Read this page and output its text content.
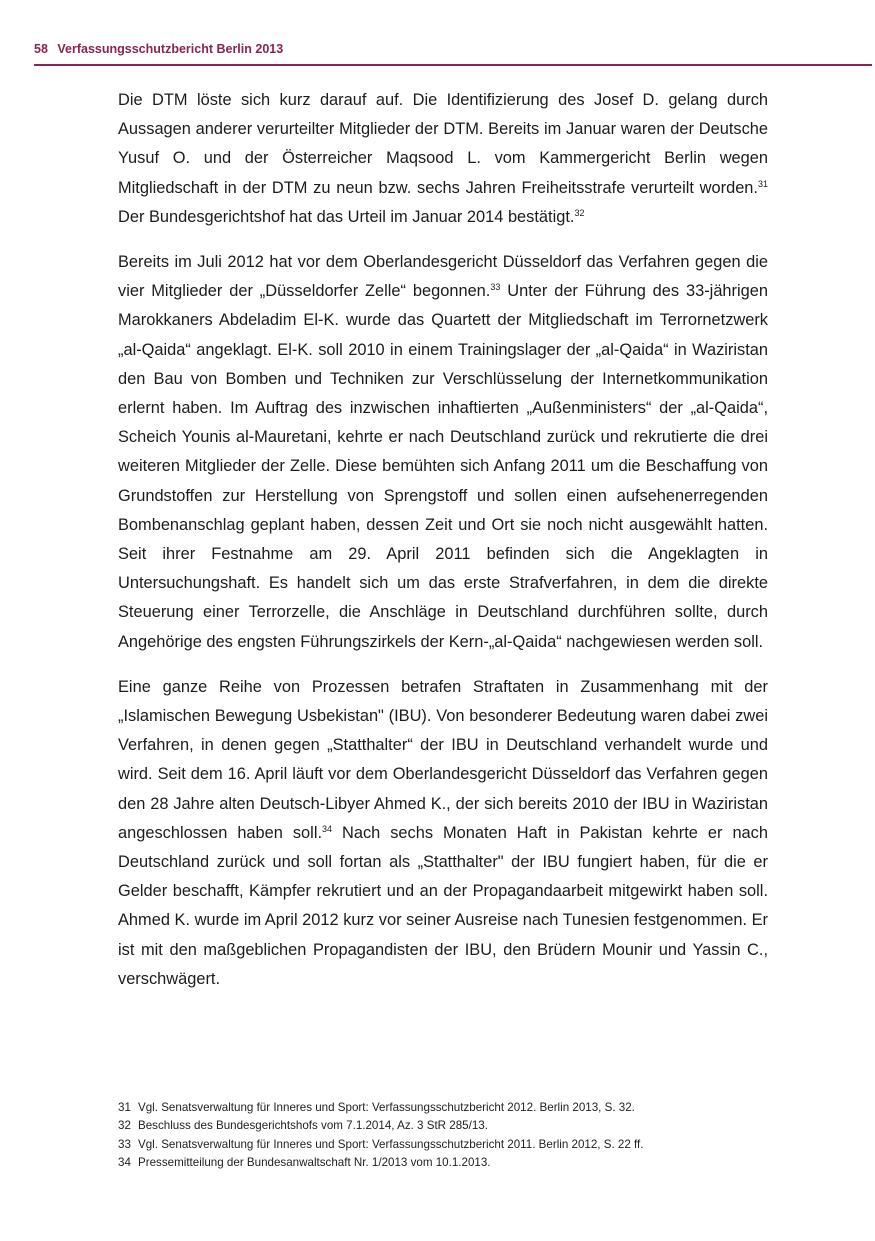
58 Verfassungsschutzbericht Berlin 2013

Die DTM löste sich kurz darauf auf. Die Identifizierung des Josef D. gelang durch Aussagen anderer verurteilter Mitglieder der DTM. Bereits im Januar waren der Deutsche Yusuf O. und der Österreicher Maqsood L. vom Kammergericht Berlin wegen Mitgliedschaft in der DTM zu neun bzw. sechs Jahren Freiheitsstrafe verurteilt worden.$^{31}$ Der Bundesgerichtshof hat das Urteil im Januar 2014 bestätigt.$^{32}$

Bereits im Juli 2012 hat vor dem Oberlandesgericht Düsseldorf das Verfahren gegen die vier Mitglieder der „Düsseldorfer Zelle“ begonnen.$^{33}$ Unter der Führung des 33-jährigen Marokkaners Abdeladim El-K. wurde das Quartett der Mitgliedschaft im Terrornetzwerk „al-Qaida“ angeklagt. El-K. soll 2010 in einem Trainingslager der „al-Qaida“ in Waziristan den Bau von Bomben und Techniken zur Verschlüsselung der Internetkommunikation erlernt haben. Im Auftrag des inzwischen inhaftierten „Außenministers“ der „al-Qaida“, Scheich Younis al-Mauretani, kehrte er nach Deutschland zurück und rekrutierte die drei weiteren Mitglieder der Zelle. Diese bemühten sich Anfang 2011 um die Beschaffung von Grundstoffen zur Herstellung von Sprengstoff und sollen einen aufsehenerregenden Bombenanschlag geplant haben, dessen Zeit und Ort sie noch nicht ausgewählt hatten. Seit ihrer Festnahme am 29. April 2011 befinden sich die Angeklagten in Untersuchungshaft. Es handelt sich um das erste Strafverfahren, in dem die direkte Steuerung einer Terrorzelle, die Anschläge in Deutschland durchführen sollte, durch Angehörige des engsten Führungszirkels der Kern-„al-Qaida“ nachgewiesen werden soll.

Eine ganze Reihe von Prozessen betrafen Straftaten in Zusammenhang mit der „Islamischen Bewegung Usbekistan" (IBU). Von besonderer Bedeutung waren dabei zwei Verfahren, in denen gegen „Statthalter“ der IBU in Deutschland verhandelt wurde und wird. Seit dem 16. April läuft vor dem Oberlandesgericht Düsseldorf das Verfahren gegen den 28 Jahre alten Deutsch-Libyer Ahmed K., der sich bereits 2010 der IBU in Waziristan angeschlossen haben soll.$^{34}$ Nach sechs Monaten Haft in Pakistan kehrte er nach Deutschland zurück und soll fortan als „Statthalter" der IBU fungiert haben, für die er Gelder beschafft, Kämpfer rekrutiert und an der Propagandaarbeit mitgewirkt haben soll. Ahmed K. wurde im April 2012 kurz vor seiner Ausreise nach Tunesien festgenommen. Er ist mit den maßgeblichen Propagandisten der IBU, den Brüdern Mounir und Yassin C., verschwägert.

31 Vgl. Senatsverwaltung für Inneres und Sport: Verfassungsschutzbericht 2012. Berlin 2013, S. 32.
32 Beschluss des Bundesgerichtshofs vom 7.1.2014, Az. 3 StR 285/13.
33 Vgl. Senatsverwaltung für Inneres und Sport: Verfassungsschutzbericht 2011. Berlin 2012, S. 22 ff.
34 Pressemitteilung der Bundesanwaltschaft Nr. 1/2013 vom 10.1.2013.
